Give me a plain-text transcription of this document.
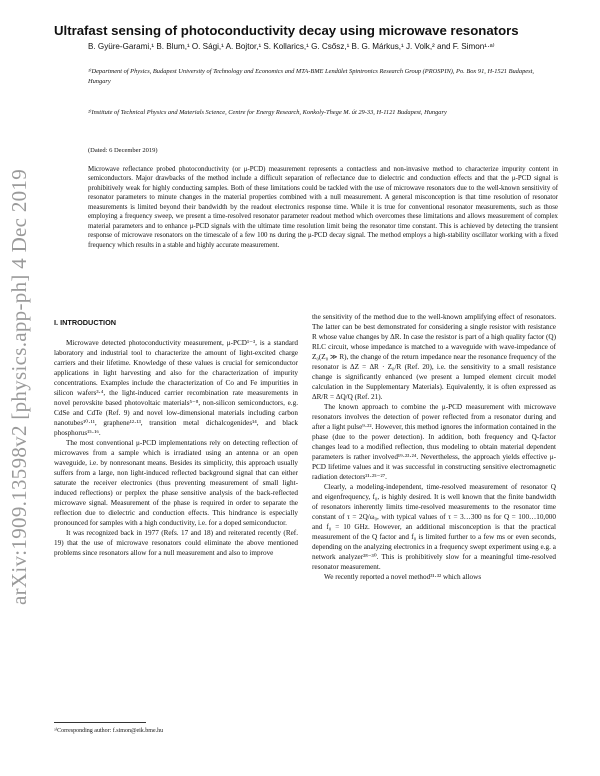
arXiv:1909.13598v2 [physics.app-ph] 4 Dec 2019
Ultrafast sensing of photoconductivity decay using microwave resonators

B. Gyüre-Garami,¹ B. Blum,¹ O. Sági,¹ A. Bojtor,¹ S. Kollarics,¹ G. Csősz,¹ B. G. Márkus,¹ J. Volk,² and F. Simon¹·ᵃ⁾

¹⁾Department of Physics, Budapest University of Technology and Economics and MTA-BME Lendület Spintronics Research Group (PROSPIN), Po. Box 91, H-1521 Budapest, Hungary

²⁾Institute of Technical Physics and Materials Science, Centre for Energy Research, Konkoly-Thege M. út 29-33, H-1121 Budapest, Hungary

(Dated: 6 December 2019)

Microwave reflectance probed photoconductivity (or μ-PCD) measurement represents a contactless and non-invasive method to characterize impurity content in semiconductors. Major drawbacks of the method include a difficult separation of reflectance due to dielectric and conduction effects and that the μ-PCD signal is prohibitively weak for highly conducting samples. Both of these limitations could be tackled with the use of microwave resonators due to the well-known sensitivity of resonator parameters to minute changes in the material properties combined with a null measurement. A general misconception is that time resolution of resonator measurements is limited beyond their bandwidth by the readout electronics response time. While it is true for conventional resonator measurements, such as those employing a frequency sweep, we present a time-resolved resonator parameter readout method which overcomes these limitations and allows measurement of complex material parameters and to enhance μ-PCD signals with the ultimate time resolution limit being the resonator time constant. This is achieved by detecting the transient response of microwave resonators on the timescale of a few 100 ns during the μ-PCD decay signal. The method employs a high-stability oscillator working with a fixed frequency which results in a stable and highly accurate measurement.

I. INTRODUCTION

Microwave detected photoconductivity measurement, μ-PCD¹⁻³, is a standard laboratory and industrial tool to characterize the amount of light-excited charge carriers and their lifetime. Knowledge of these values is crucial for semiconductor applications in light harvesting and also for the characterization of impurity concentrations. Examples include the characterization of Co and Fe impurities in silicon wafers³·⁴, the light-induced carrier recombination rate measurements in novel perovskite based photovoltaic materials⁵⁻⁸, non-silicon semiconductors, e.g. CdSe and CdTe (Ref. 9) and novel low-dimensional materials including carbon nanotubes¹⁰·¹¹, graphene¹²·¹³, transition metal dichalcogenides¹⁴, and black phosphorus¹⁵·¹⁶.

The most conventional μ-PCD implementations rely on detecting reflection of microwaves from a sample which is irradiated using an antenna or an open waveguide, i.e. by nonresonant means. Besides its simplicity, this approach usually suffers from a large, non light-induced reflected background signal that can either saturate the receiver electronics (thus preventing measurement of small light-induced reflections) or perplex the phase sensitive analysis of the back-reflected microwave signal. Measurement of the phase is required in order to separate the reflection due to dielectric and conduction effects. This hindrance is especially pronounced for samples with a high conductivity, i.e. for a doped semiconductor.

It was recognized back in 1977 (Refs. 17 and 18) and reiterated recently (Ref. 19) that the use of microwave resonators could eliminate the above mentioned problems since resonators allow for a null measurement and also to improve

the sensitivity of the method due to the well-known amplifying effect of resonators. The latter can be best demonstrated for considering a single resistor with resistance R whose value changes by ΔR. In case the resistor is part of a high quality factor (Q) RLC circuit, whose impedance is matched to a waveguide with wave-impedance of Z₀(Z₀ ≫ R), the change of the return impedance near the resonance frequency of the resonator is ΔZ = ΔR · Z₀/R (Ref. 20), i.e. the sensitivity to a small resistance change is significantly enhanced (we present a lumped element circuit model calculation in the Supplementary Materials). Equivalently, it is often expressed as ΔR/R = ΔQ/Q (Ref. 21).

The known approach to combine the μ-PCD measurement with microwave resonators involves the detection of power reflected from a resonator during and after a light pulse⁹·²². However, this method ignores the information contained in the phase (due to the power detection). In addition, both frequency and Q-factor changes lead to a modified reflection, thus modeling to obtain material dependent parameters is rather involved¹⁹·²³·²⁴. Nevertheless, the approach yields effective μ-PCD lifetime values and it was successful in constructing sensitive electromagnetic radiation detectors²¹·²⁵⁻²⁷.

Clearly, a modeling-independent, time-resolved measurement of resonator Q and eigenfrequency, f₀, is highly desired. It is well known that the finite bandwidth of resonators inherently limits time-resolved measurements to the resonator time constant of τ = 2Q/ω₀, with typical values of τ = 3…300 ns for Q = 100…10,000 and f₀ = 10 GHz. However, an additional misconception is that the practical measurement of the Q factor and f₀ is limited further to a few ms or even seconds, depending on the analyzing electronics in a frequency swept experiment using e.g. a network analyzer²⁸⁻³⁰. This is prohibitively slow for a meaningful time-resolved resonator measurement.

We recently reported a novel method³¹·³² which allows

ᵃ⁾Corresponding author: f.simon@eik.bme.hu
